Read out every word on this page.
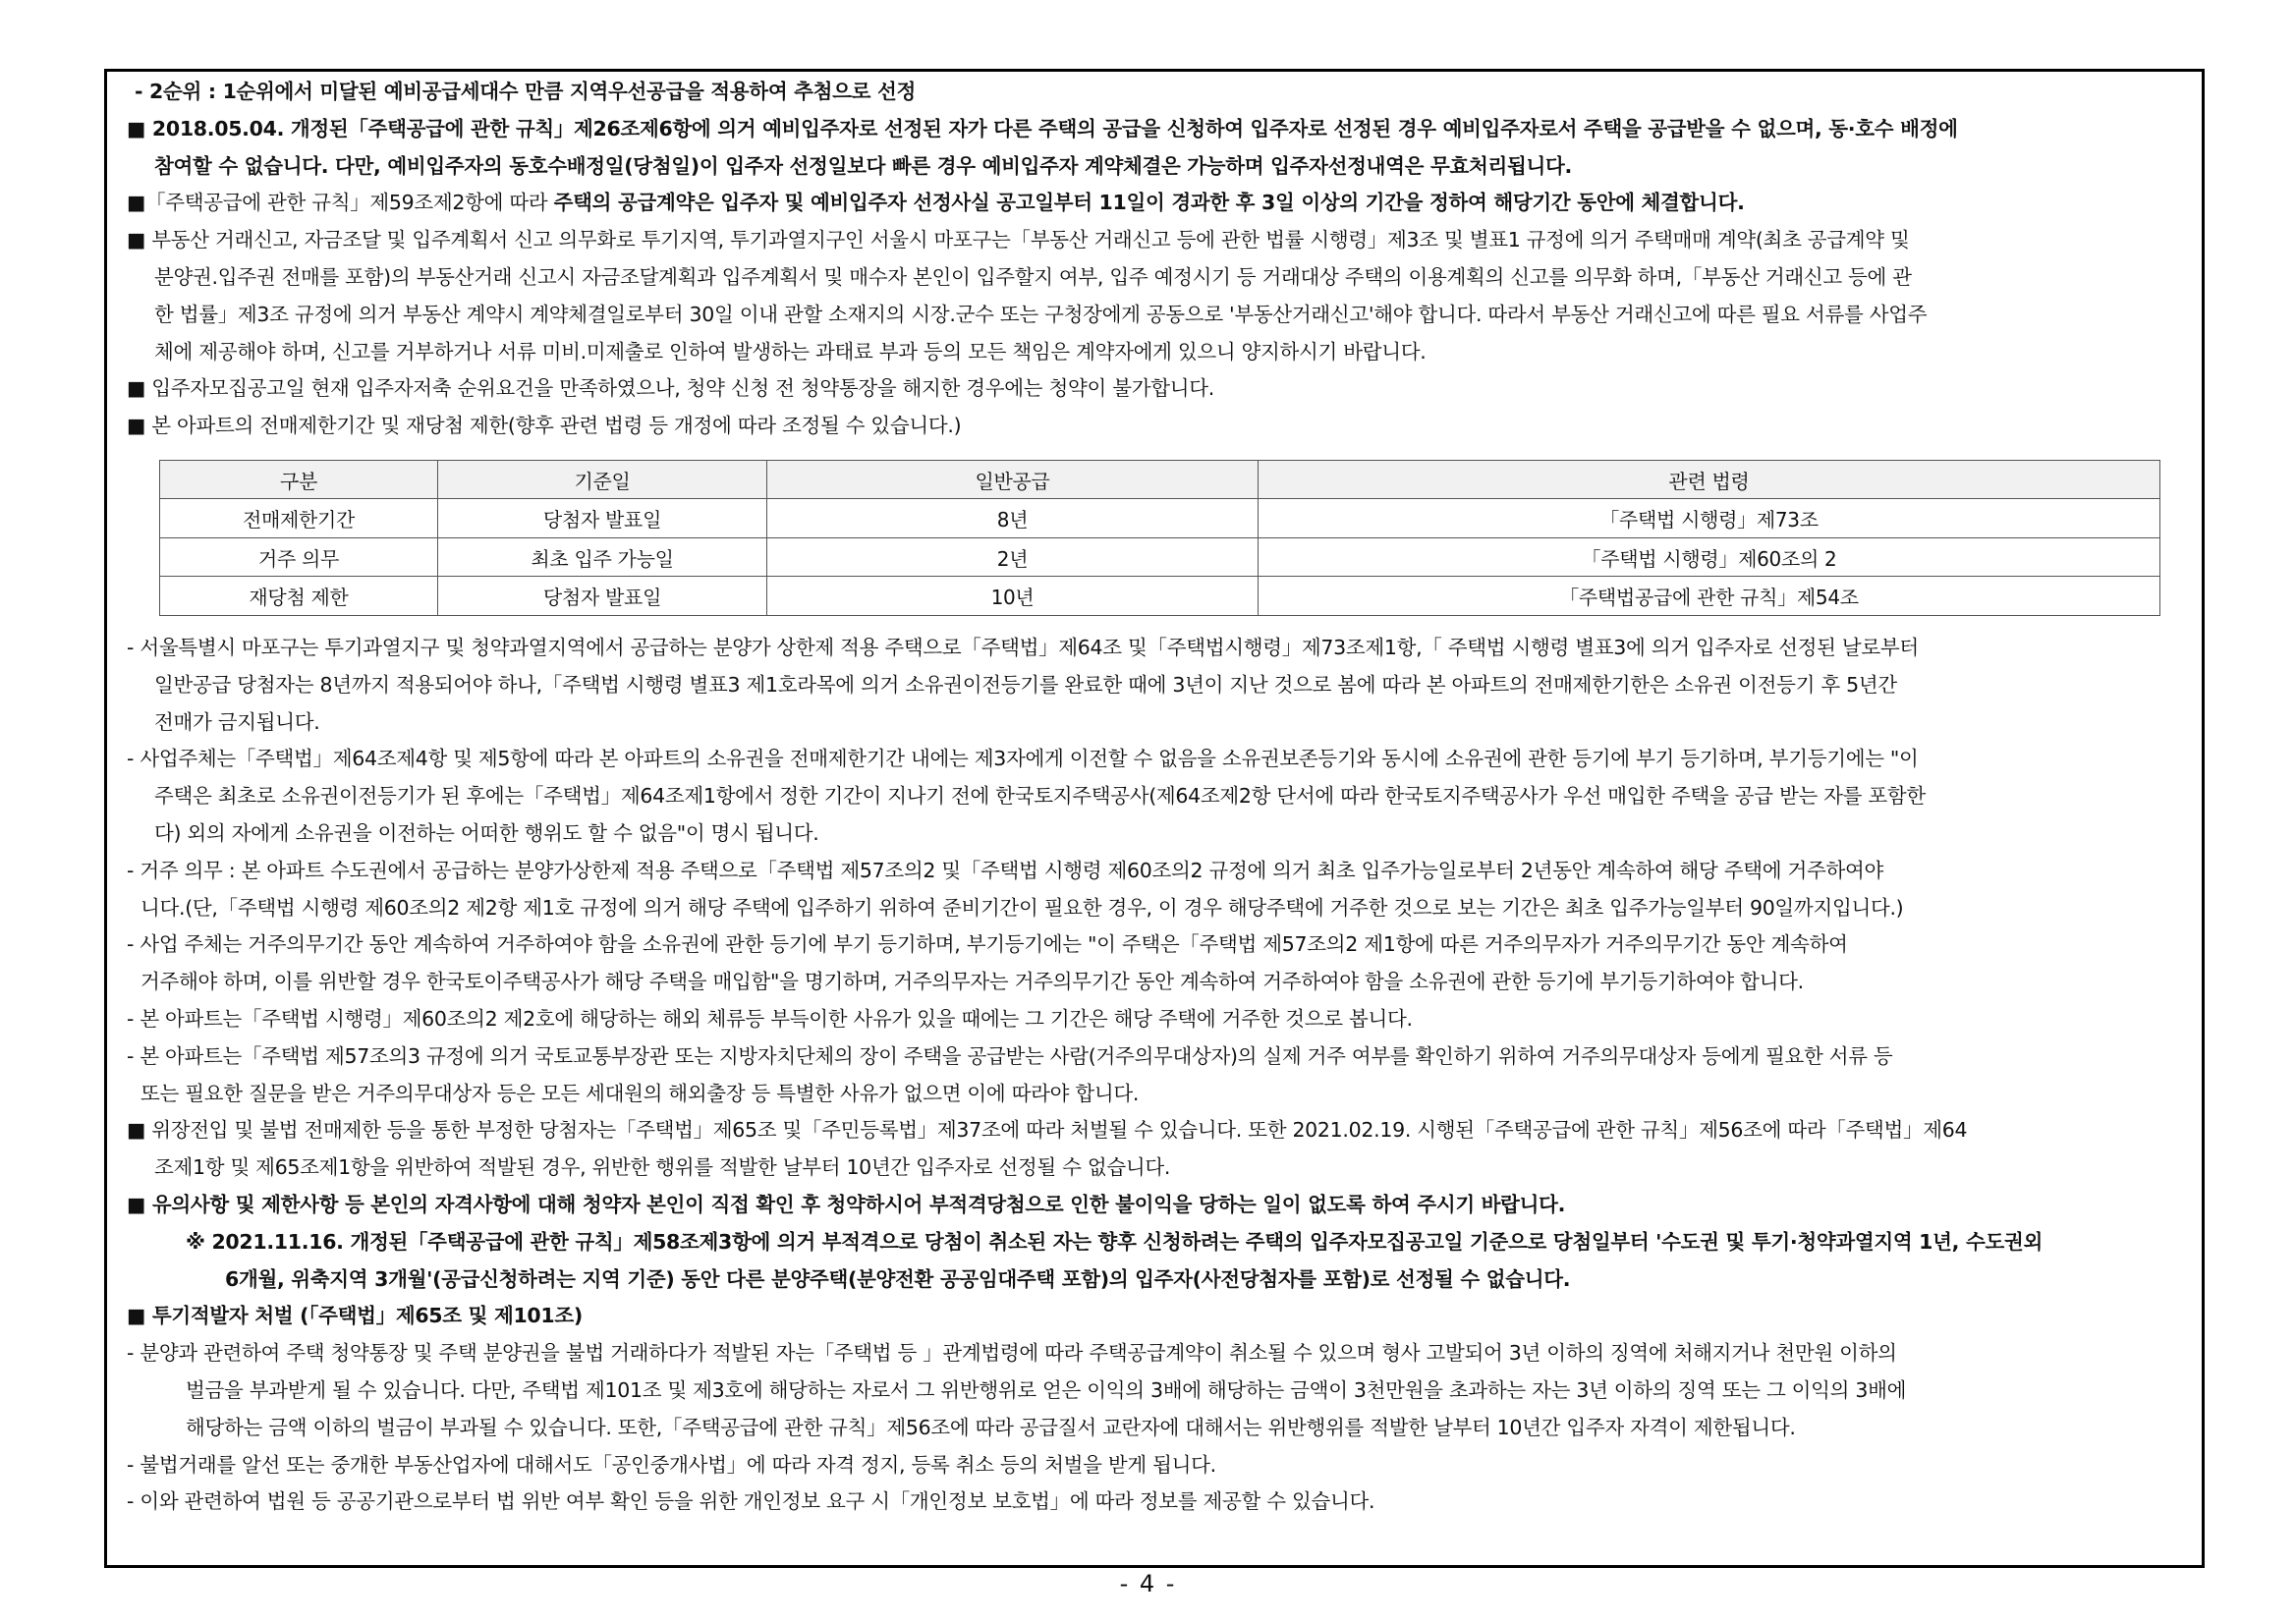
- 2순위 : 1순위에서 미달된 예비공급세대수 만큼 지역우선공급을 적용하여 추첨으로 선정
■ 2018.05.04. 개정된「주택공급에 관한 규칙」제26조제6항에 의거 예비입주자로 선정된 자가 다른 주택의 공급을 신청하여 입주자로 선정된 경우 예비입주자로서 주택을 공급받을 수 없으며, 동·호수 배정에
참여할 수 없습니다. 다만, 예비입주자의 동호수배정일(당첨일)이 입주자 선정일보다 빠른 경우 예비입주자 계약체결은 가능하며 입주자선정내역은 무효처리됩니다.
■「주택공급에 관한 규칙」제59조제2항에 따라 주택의 공급계약은 입주자 및 예비입주자 선정사실 공고일부터 11일이 경과한 후 3일 이상의 기간을 정하여 해당기간 동안에 체결합니다.
■ 부동산 거래신고, 자금조달 및 입주계획서 신고 의무화로 투기지역, 투기과열지구인 서울시 마포구는「부동산 거래신고 등에 관한 법률 시행령」제3조 및 별표1 규정에 의거 주택매매 계약(최초 공급계약 및
분양권.입주권 전매를 포함)의 부동산거래 신고시 자금조달계획과 입주계획서 및 매수자 본인이 입주할지 여부, 입주 예정시기 등 거래대상 주택의 이용계획의 신고를 의무화 하며,「부동산 거래신고 등에 관
한 법률」제3조 규정에 의거 부동산 계약시 계약체결일로부터 30일 이내 관할 소재지의 시장.군수 또는 구청장에게 공동으로 '부동산거래신고'해야 합니다. 따라서 부동산 거래신고에 따른 필요 서류를 사업주
체에 제공해야 하며, 신고를 거부하거나 서류 미비.미제출로 인하여 발생하는 과태료 부과 등의 모든 책임은 계약자에게 있으니 양지하시기 바랍니다.
■ 입주자모집공고일 현재 입주자저축 순위요건을 만족하였으나, 청약 신청 전 청약통장을 해지한 경우에는 청약이 불가합니다.
■ 본 아파트의 전매제한기간 및 재당첨 제한(향후 관련 법령 등 개정에 따라 조정될 수 있습니다.)
구분	기준일	일반공급	관련 법령
전매제한기간	당첨자 발표일	8년	「주택법 시행령」제73조
거주 의무	최초 입주 가능일	2년	「주택법 시행령」제60조의 2
재당첨 제한	당첨자 발표일	10년	「주택법공급에 관한 규칙」제54조
- 서울특별시 마포구는 투기과열지구 및 청약과열지역에서 공급하는 분양가 상한제 적용 주택으로「주택법」제64조 및「주택법시행령」제73조제1항,「 주택법 시행령 별표3에 의거 입주자로 선정된 날로부터
일반공급 당첨자는 8년까지 적용되어야 하나,「주택법 시행령 별표3 제1호라목에 의거 소유권이전등기를 완료한 때에 3년이 지난 것으로 봄에 따라 본 아파트의 전매제한기한은 소유권 이전등기 후 5년간
전매가 금지됩니다.
- 사업주체는「주택법」제64조제4항 및 제5항에 따라 본 아파트의 소유권을 전매제한기간 내에는 제3자에게 이전할 수 없음을 소유권보존등기와 동시에 소유권에 관한 등기에 부기 등기하며, 부기등기에는 "이
주택은 최초로 소유권이전등기가 된 후에는「주택법」제64조제1항에서 정한 기간이 지나기 전에 한국토지주택공사(제64조제2항 단서에 따라 한국토지주택공사가 우선 매입한 주택을 공급 받는 자를 포함한
다) 외의 자에게 소유권을 이전하는 어떠한 행위도 할 수 없음"이 명시 됩니다.
- 거주 의무 : 본 아파트 수도권에서 공급하는 분양가상한제 적용 주택으로「주택법 제57조의2 및「주택법 시행령 제60조의2 규정에 의거 최초 입주가능일로부터 2년동안 계속하여 해당 주택에 거주하여야
니다.(단,「주택법 시행령 제60조의2 제2항 제1호 규정에 의거 해당 주택에 입주하기 위하여 준비기간이 필요한 경우, 이 경우 해당주택에 거주한 것으로 보는 기간은 최초 입주가능일부터 90일까지입니다.)
- 사업 주체는 거주의무기간 동안 계속하여 거주하여야 함을 소유권에 관한 등기에 부기 등기하며, 부기등기에는 "이 주택은「주택법 제57조의2 제1항에 따른 거주의무자가 거주의무기간 동안 계속하여
거주해야 하며, 이를 위반할 경우 한국토이주택공사가 해당 주택을 매입함"을 명기하며, 거주의무자는 거주의무기간 동안 계속하여 거주하여야 함을 소유권에 관한 등기에 부기등기하여야 합니다.
- 본 아파트는「주택법 시행령」제60조의2 제2호에 해당하는 해외 체류등 부득이한 사유가 있을 때에는 그 기간은 해당 주택에 거주한 것으로 봅니다.
- 본 아파트는「주택법 제57조의3 규정에 의거 국토교통부장관 또는 지방자치단체의 장이 주택을 공급받는 사람(거주의무대상자)의 실제 거주 여부를 확인하기 위하여 거주의무대상자 등에게 필요한 서류 등
또는 필요한 질문을 받은 거주의무대상자 등은 모든 세대원의 해외출장 등 특별한 사유가 없으면 이에 따라야 합니다.
■ 위장전입 및 불법 전매제한 등을 통한 부정한 당첨자는「주택법」제65조 및「주민등록법」제37조에 따라 처벌될 수 있습니다. 또한 2021.02.19. 시행된「주택공급에 관한 규칙」제56조에 따라「주택법」제64
조제1항 및 제65조제1항을 위반하여 적발된 경우, 위반한 행위를 적발한 날부터 10년간 입주자로 선정될 수 없습니다.
■ 유의사항 및 제한사항 등 본인의 자격사항에 대해 청약자 본인이 직접 확인 후 청약하시어 부적격당첨으로 인한 불이익을 당하는 일이 없도록 하여 주시기 바랍니다.
※ 2021.11.16. 개정된「주택공급에 관한 규칙」제58조제3항에 의거 부적격으로 당첨이 취소된 자는 향후 신청하려는 주택의 입주자모집공고일 기준으로 당첨일부터 '수도권 및 투기·청약과열지역 1년, 수도권외
6개월, 위축지역 3개월'(공급신청하려는 지역 기준) 동안 다른 분양주택(분양전환 공공임대주택 포함)의 입주자(사전당첨자를 포함)로 선정될 수 없습니다.
■ 투기적발자 처벌 (「주택법」제65조 및 제101조)
- 분양과 관련하여 주택 청약통장 및 주택 분양권을 불법 거래하다가 적발된 자는「주택법 등 」관계법령에 따라 주택공급계약이 취소될 수 있으며 형사 고발되어 3년 이하의 징역에 처해지거나 천만원 이하의
벌금을 부과받게 될 수 있습니다. 다만, 주택법 제101조 및 제3호에 해당하는 자로서 그 위반행위로 얻은 이익의 3배에 해당하는 금액이 3천만원을 초과하는 자는 3년 이하의 징역 또는 그 이익의 3배에
해당하는 금액 이하의 벌금이 부과될 수 있습니다. 또한,「주택공급에 관한 규칙」제56조에 따라 공급질서 교란자에 대해서는 위반행위를 적발한 날부터 10년간 입주자 자격이 제한됩니다.
- 불법거래를 알선 또는 중개한 부동산업자에 대해서도「공인중개사법」에 따라 자격 정지, 등록 취소 등의 처벌을 받게 됩니다.
- 이와 관련하여 법원 등 공공기관으로부터 법 위반 여부 확인 등을 위한 개인정보 요구 시「개인정보 보호법」에 따라 정보를 제공할 수 있습니다.
- 4 -
